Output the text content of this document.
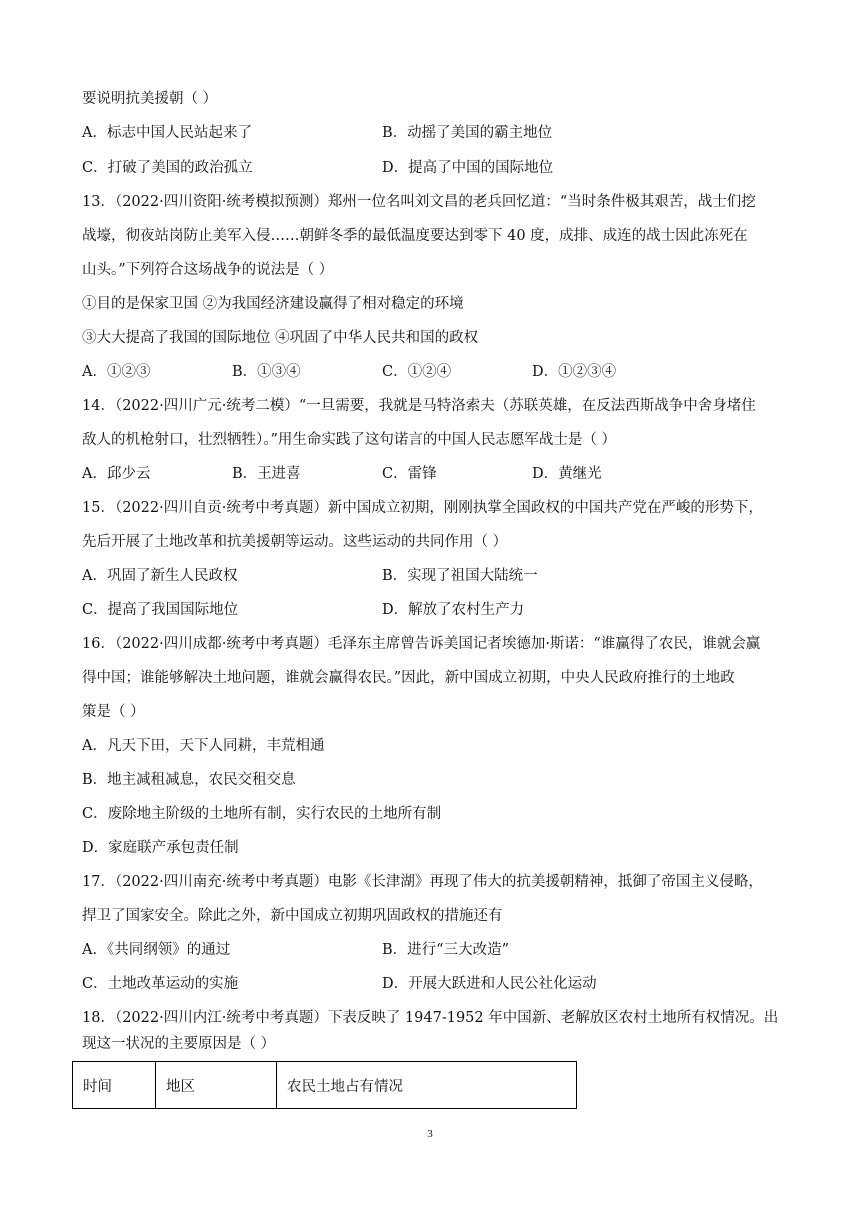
要说明抗美援朝（ ）
A．标志中国人民站起来了	B．动摇了美国的霸主地位
C．打破了美国的政治孤立	D．提高了中国的国际地位
13．（2022·四川资阳·统考模拟预测）郑州一位名叫刘文昌的老兵回忆道：“当时条件极其艰苦，战士们挖
战壕，彻夜站岗防止美军入侵……朝鲜冬季的最低温度要达到零下 40 度，成排、成连的战士因此冻死在
山头。”下列符合这场战争的说法是（ ）
①目的是保家卫国 ②为我国经济建设赢得了相对稳定的环境
③大大提高了我国的国际地位 ④巩固了中华人民共和国的政权
A．①②③	B．①③④	C．①②④	D．①②③④
14．（2022·四川广元·统考二模）“一旦需要，我就是马特洛索夫（苏联英雄，在反法西斯战争中舍身堵住
敌人的机枪射口，壮烈牺牲）。”用生命实践了这句诺言的中国人民志愿军战士是（ ）
A．邱少云	B．王进喜	C．雷锋	D．黄继光
15．（2022·四川自贡·统考中考真题）新中国成立初期，刚刚执掌全国政权的中国共产党在严峻的形势下，
先后开展了土地改革和抗美援朝等运动。这些运动的共同作用（ ）
A．巩固了新生人民政权	B．实现了祖国大陆统一
C．提高了我国国际地位	D．解放了农村生产力
16．（2022·四川成都·统考中考真题）毛泽东主席曾告诉美国记者埃德加·斯诺：“谁赢得了农民，谁就会赢
得中国；谁能够解决土地问题，谁就会赢得农民。”因此，新中国成立初期，中央人民政府推行的土地政
策是（ ）
A．凡天下田，天下人同耕，丰荒相通
B．地主减租减息，农民交租交息
C．废除地主阶级的土地所有制，实行农民的土地所有制
D．家庭联产承包责任制
17．（2022·四川南充·统考中考真题）电影《长津湖》再现了伟大的抗美援朝精神，抵御了帝国主义侵略，
捍卫了国家安全。除此之外，新中国成立初期巩固政权的措施还有
A．《共同纲领》的通过	B．进行“三大改造”
C．土地改革运动的实施	D．开展大跃进和人民公社化运动
18．（2022·四川内江·统考中考真题）下表反映了 1947-1952 年中国新、老解放区农村土地所有权情况。出
现这一状况的主要原因是（ ）
时间	地区	农民土地占有情况
3
